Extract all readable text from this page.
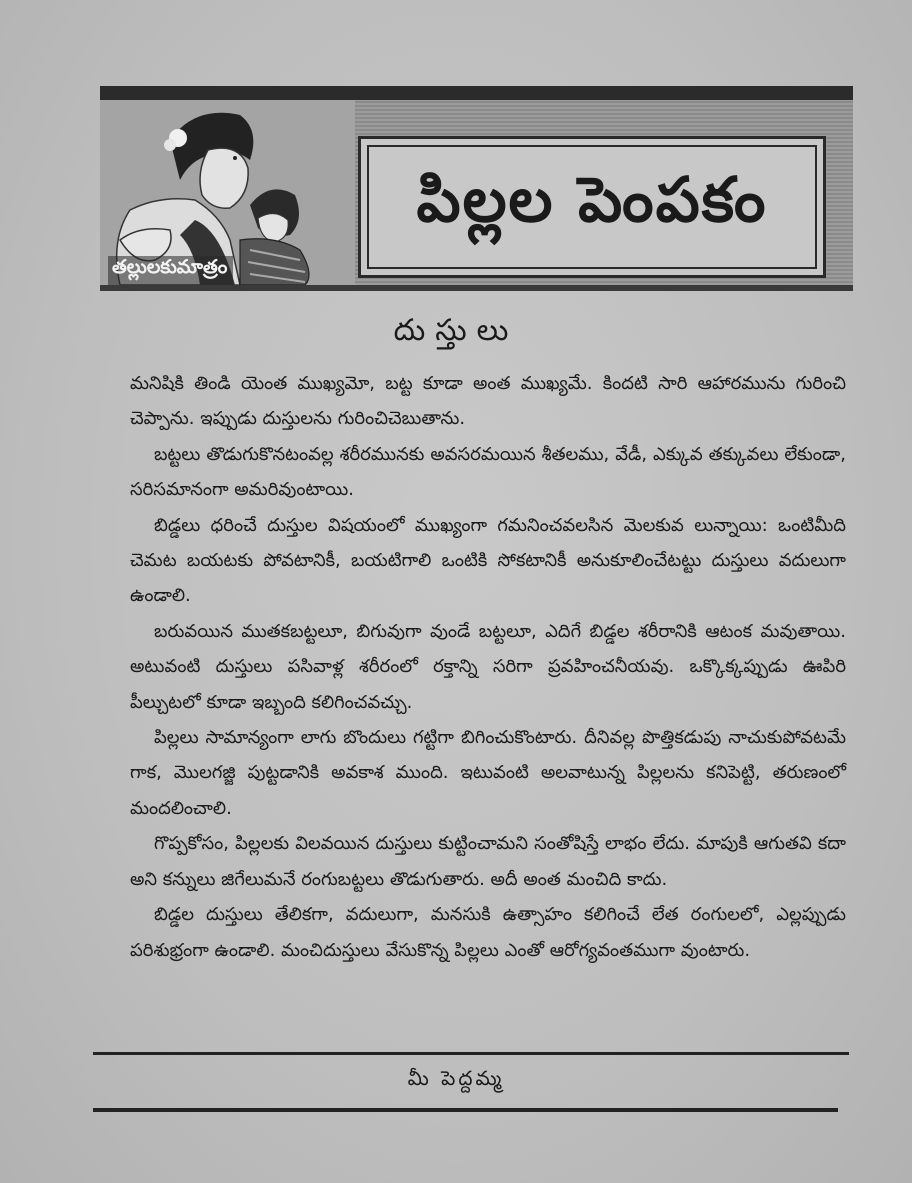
తల్లులకుమాత్రం
పిల్లల పెంపకం
దుస్తులు

మనిషికి తిండి యెంత ముఖ్యమో, బట్ట కూడా అంత ముఖ్యమే. కిందటి సారి ఆహారమును గురించి చెప్పాను. ఇప్పుడు దుస్తులను గురించిచెబుతాను.

బట్టలు తొడుగుకొనటంవల్ల శరీరమునకు అవసరమయిన శీతలము, వేడీ, ఎక్కువ తక్కువలు లేకుండా, సరిసమానంగా అమరివుంటాయి.

బిడ్డలు ధరించే దుస్తుల విషయంలో ముఖ్యంగా గమనించవలసిన మెలకువ లున్నాయి: ఒంటిమీది చెమట బయటకు పోవటానికీ, బయటిగాలి ఒంటికి సోకటానికీ అనుకూలించేటట్టు దుస్తులు వదులుగా ఉండాలి.

బరువయిన ముతకబట్టలూ, బిగువుగా వుండే బట్టలూ, ఎదిగే బిడ్డల శరీరానికి ఆటంక మవుతాయి. అటువంటి దుస్తులు పసివాళ్ల శరీరంలో రక్తాన్ని సరిగా ప్రవహించనీయవు. ఒక్కొక్కప్పుడు ఊపిరి పీల్చుటలో కూడా ఇబ్బంది కలిగించవచ్చు.

పిల్లలు సామాన్యంగా లాగు బొందులు గట్టిగా బిగించుకొంటారు. దీనివల్ల పొత్తికడుపు నాచుకుపోవటమే గాక, మొలగజ్జి పుట్టడానికి అవకాశ ముంది. ఇటువంటి అలవాటున్న పిల్లలను కనిపెట్టి, తరుణంలో మందలించాలి.

గొప్పకోసం, పిల్లలకు విలవయిన దుస్తులు కుట్టించామని సంతోషిస్తే లాభం లేదు. మాపుకి ఆగుతవి కదా అని కన్నులు జిగేలుమనే రంగుబట్టలు తొడుగుతారు. అదీ అంత మంచిది కాదు.

బిడ్డల దుస్తులు తేలికగా, వదులుగా, మనసుకి ఉత్సాహం కలిగించే లేత రంగులలో, ఎల్లప్పుడు పరిశుభ్రంగా ఉండాలి. మంచిదుస్తులు వేసుకొన్న పిల్లలు ఎంతో ఆరోగ్యవంతముగా వుంటారు.

మీ పెద్దమ్మ
